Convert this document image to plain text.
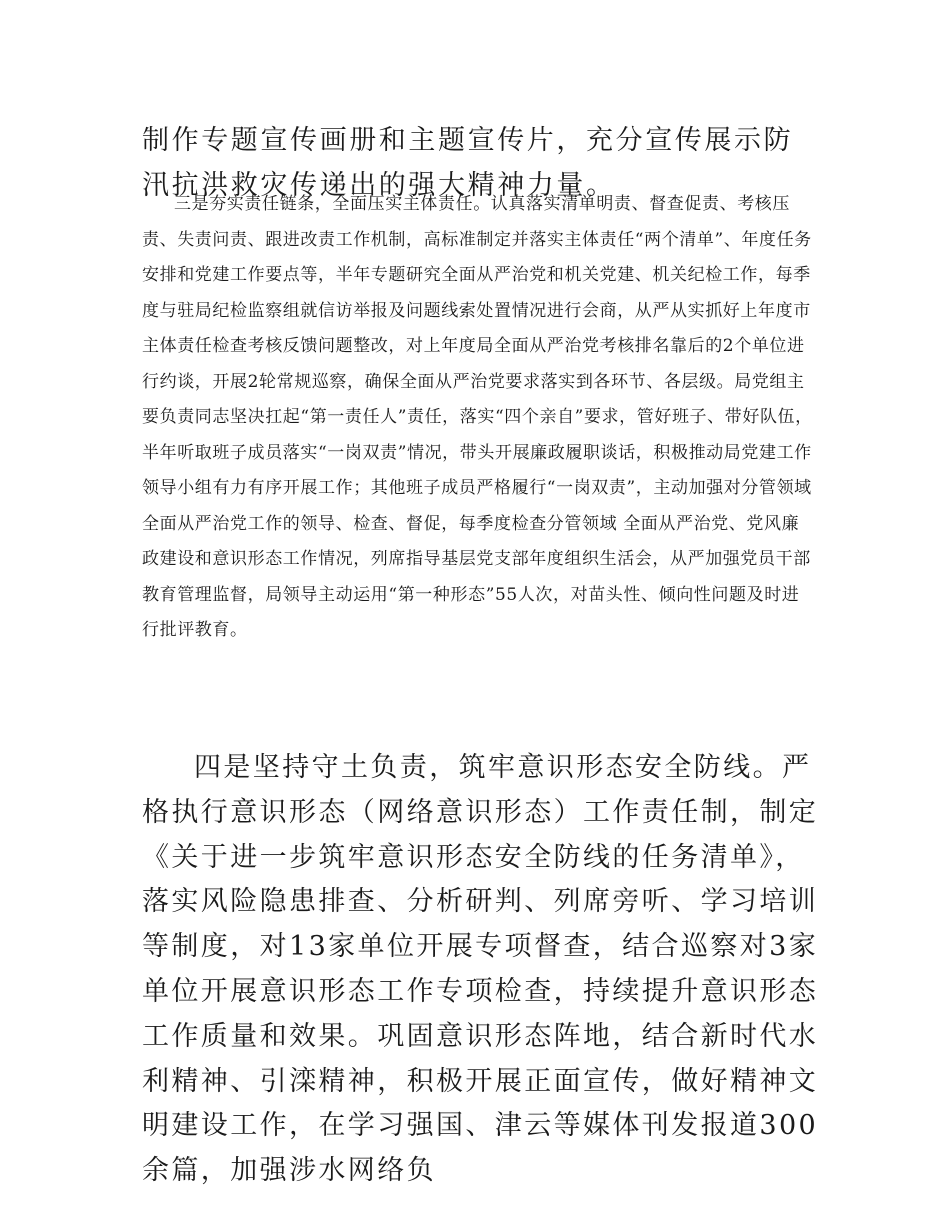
制作专题宣传画册和主题宣传片，充分宣传展示防汛抗洪救灾传递出的强大精神力量。

三是夯实责任链条，全面压实主体责任。认真落实清单明责、督查促责、考核压责、失责问责、跟进改责工作机制，高标准制定并落实主体责任“两个清单”、年度任务安排和党建工作要点等，半年专题研究全面从严治党和机关党建、机关纪检工作，每季度与驻局纪检监察组就信访举报及问题线索处置情况进行会商，从严从实抓好上年度市主体责任检查考核反馈问题整改，对上年度局全面从严治党考核排名靠后的2个单位进行约谈，开展2轮常规巡察，确保全面从严治党要求落实到各环节、各层级。局党组主要负责同志坚决扛起“第一责任人”责任，落实“四个亲自”要求，管好班子、带好队伍，半年听取班子成员落实“一岗双责”情况，带头开展廉政履职谈话，积极推动局党建工作领导小组有力有序开展工作；其他班子成员严格履行“一岗双责”，主动加强对分管领域全面从严治党工作的领导、检查、督促，每季度检查分管领域 全面从严治党、党风廉政建设和意识形态工作情况，列席指导基层党支部年度组织生活会，从严加强党员干部教育管理监督，局领导主动运用“第一种形态”55人次，对苗头性、倾向性问题及时进行批评教育。

四是坚持守土负责，筑牢意识形态安全防线。严格执行意识形态（网络意识形态）工作责任制，制定《关于进一步筑牢意识形态安全防线的任务清单》，落实风险隐患排查、分析研判、列席旁听、学习培训等制度，对13家单位开展专项督查，结合巡察对3家单位开展意识形态工作专项检查，持续提升意识形态工作质量和效果。巩固意识形态阵地，结合新时代水利精神、引滦精神，积极开展正面宣传，做好精神文明建设工作，在学习强国、津云等媒体刊发报道300余篇，加强涉水网络负
